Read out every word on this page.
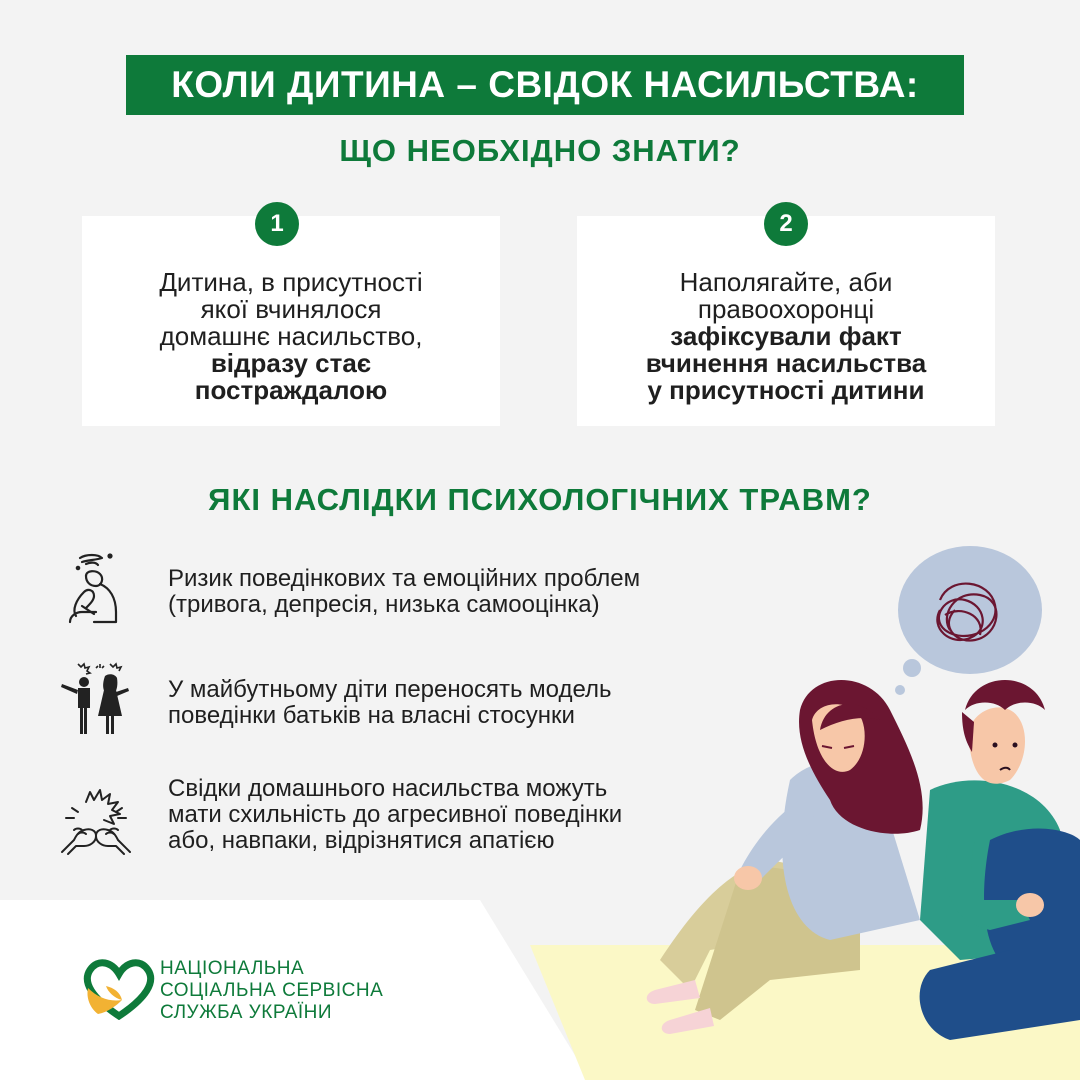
КОЛИ ДИТИНА – СВІДОК НАСИЛЬСТВА:
ЩО НЕОБХІДНО ЗНАТИ?
Дитина, в присутності
якої вчинялося
домашнє насильство,
відразу стає
постраждалою
1
Наполягайте, аби
правоохоронці
зафіксували факт
вчинення насильства
у присутності дитини
2
ЯКІ НАСЛІДКИ ПСИХОЛОГІЧНИХ ТРАВМ?
Ризик поведінкових та емоційних проблем
(тривога, депресія, низька самооцінка)
У майбутньому діти переносять модель
поведінки батьків на власні стосунки
Свідки домашнього насильства можуть
мати схильність до агресивної поведінки
або, навпаки, відрізнятися апатією
НАЦІОНАЛЬНА
СОЦІАЛЬНА СЕРВІСНА
СЛУЖБА УКРАЇНИ
